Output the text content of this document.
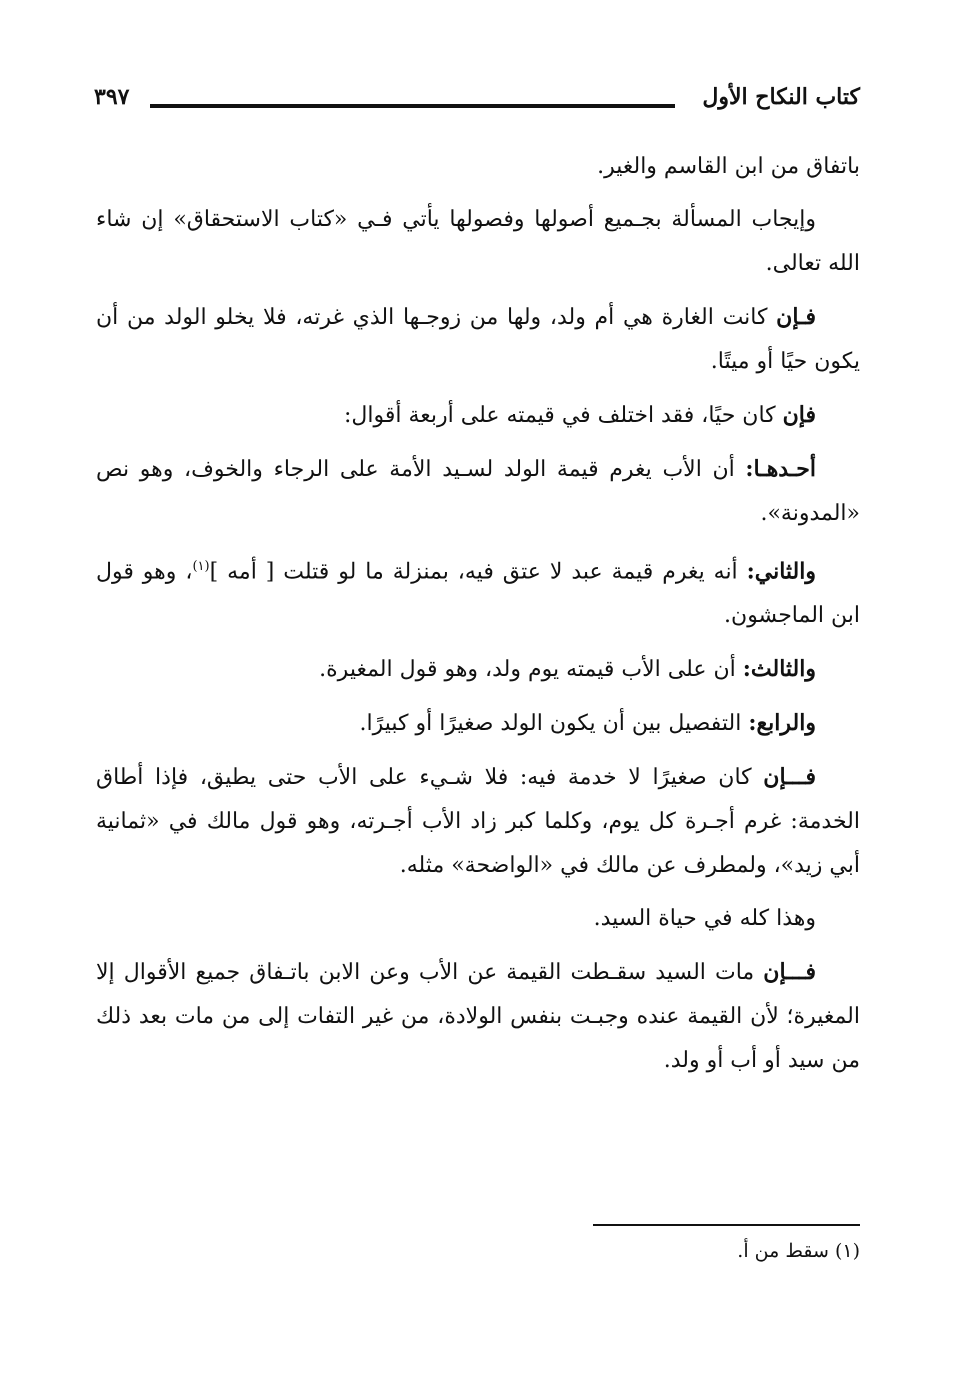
كتاب النكاح الأول
٣٩٧

باتفاق من ابن القاسم والغير.

وإيجاب المسألة بجـميع أصولها وفصولها يأتي فـي «كتاب الاستحقاق» إن شاء الله تعالى.

فـإن كانت الغارة هي أم ولد، ولها من زوجـها الذي غرته، فلا يخلو الولد من أن يكون حيًا أو ميتًا.

فإن كان حيًا، فقد اختلف في قيمته على أربعة أقوال:

أحـدهـا: أن الأب يغرم قيمة الولد لسـيد الأمة على الرجاء والخوف، وهو نص «المدونة».

والثاني: أنه يغرم قيمة عبد لا عتق فيه، بمنزلة ما لو قتلت [ أمه ]$^{(١)}$، وهو قول ابن الماجشون.

والثالث: أن على الأب قيمته يوم ولد، وهو قول المغيرة.

والرابع: التفصيل بين أن يكون الولد صغيرًا أو كبيرًا.

فـــإن كان صغيرًا لا خدمة فيه: فلا شـيء على الأب حتى يطيق، فإذا أطاق الخدمة: غرم أجـرة كل يوم، وكلما كبر زاد الأب أجـرته، وهو قول مالك في «ثمانية أبي زيد»، ولمطرف عن مالك في «الواضحة» مثله.

وهذا كله في حياة السيد.

فـــإن مات السيد سقـطت القيمة عن الأب وعن الابن باتـفاق جميع الأقوال إلا المغيرة؛ لأن القيمة عنده وجبـت بنفس الولادة، من غير التفات إلى من مات بعد ذلك من سيد أو أب أو ولد.

(١) سقط من أ.
